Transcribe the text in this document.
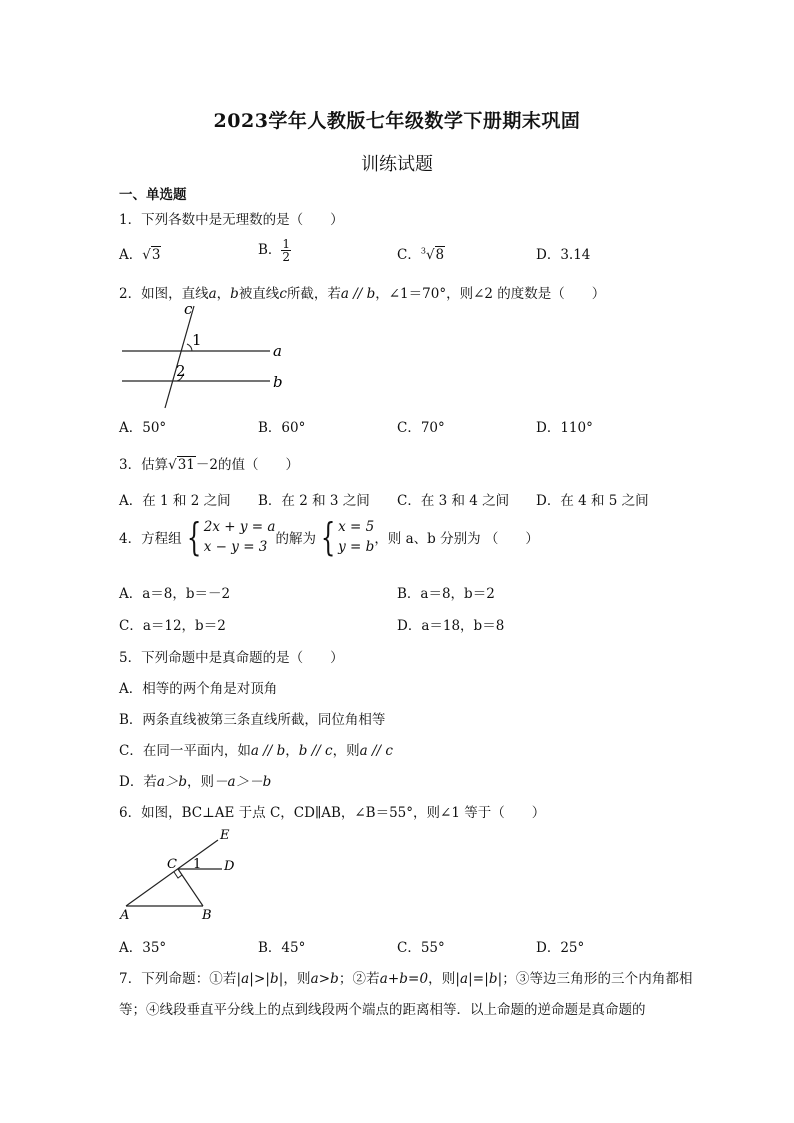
2023学年人教版七年级数学下册期末巩固
训练试题
一、单选题
1．下列各数中是无理数的是（　　）
A．√3	B． $\frac{1}{2}$	C．$^3$√8	D．3.14
2．如图，直线a，b被直线c所截，若a // b，∠1＝70°，则∠2 的度数是（　　）
c
1
2
a
b
A．50°	B．60°	C．70°	D．110°
3．估算√31－2的值（　　）
A．在 1 和 2 之间 B．在 2 和 3 之间 C．在 3 和 4 之间 D．在 4 和 5 之间
4．方程组 { 2x + y = a
x − y = 3 的解为 { x = 5
y = b ，则 a、b 分别为 （　　）
A．a＝8，b＝－2	B．a＝8，b＝2
C．a＝12，b＝2	D．a＝18，b＝8
5．下列命题中是真命题的是（　　）
A．相等的两个角是对顶角
B．两条直线被第三条直线所截，同位角相等
C．在同一平面内，如a // b，b // c，则a // c
D．若a＞b，则－a＞－b
6．如图，BC⊥AE 于点 C，CD∥AB，∠B＝55°，则∠1 等于（　　）
E
C 1 D
A	B
A．35°	B．45°	C．55°	D．25°
7．下列命题：①若|a|>|b|，则a>b；②若a+b=0，则|a|=|b|；③等边三角形的三个内角都相
等；④线段垂直平分线上的点到线段两个端点的距离相等．以上命题的逆命题是真命题的
